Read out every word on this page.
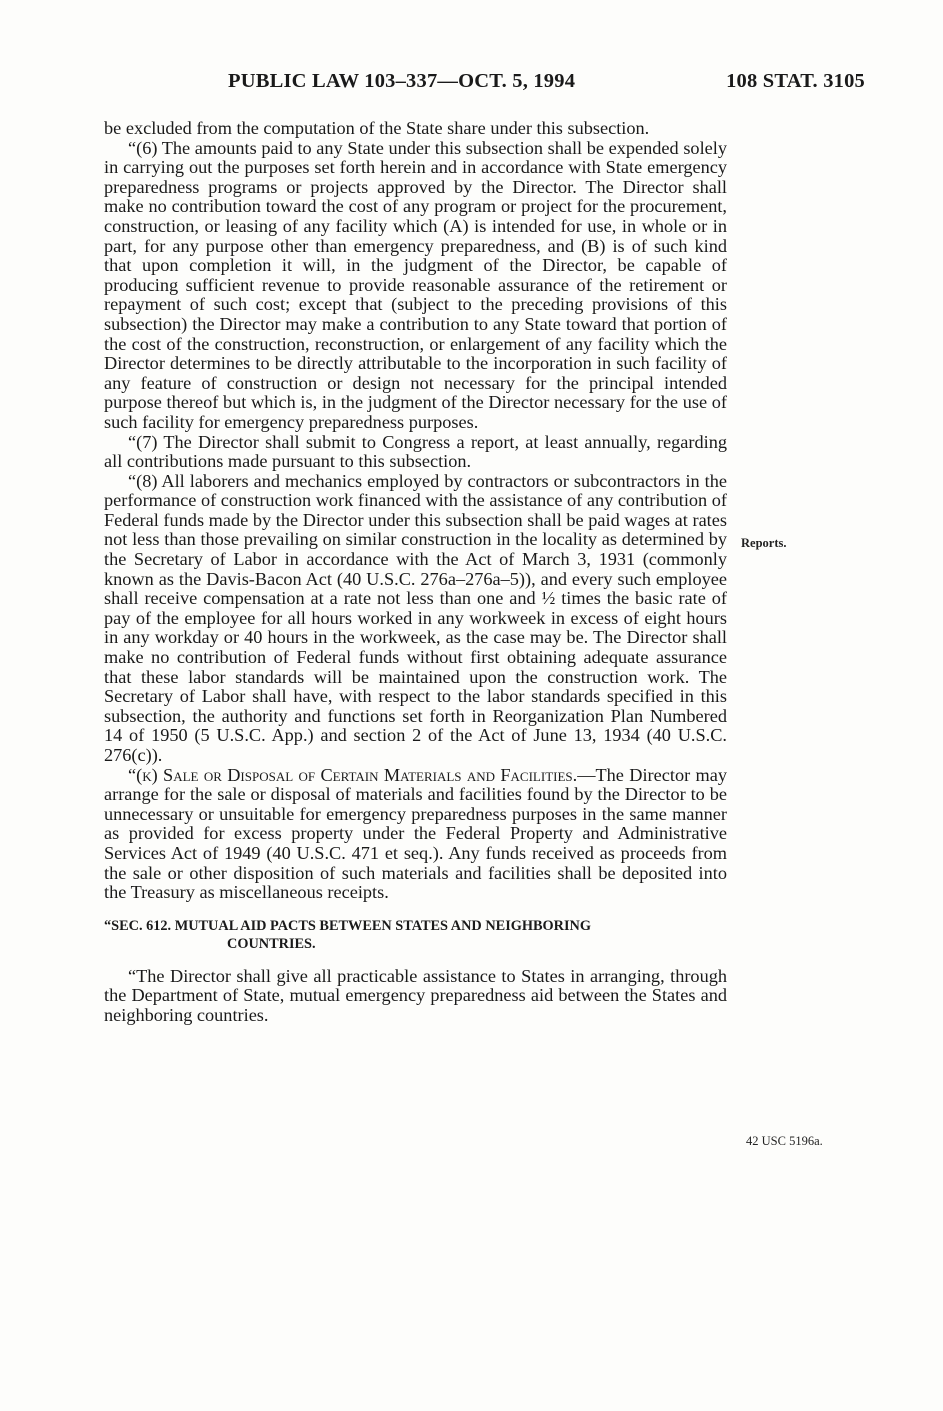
PUBLIC LAW 103–337—OCT. 5, 1994	108 STAT. 3105

be excluded from the computation of the State share under this subsection.

“(6) The amounts paid to any State under this subsection shall be expended solely in carrying out the purposes set forth herein and in accordance with State emergency preparedness programs or projects approved by the Director. The Director shall make no contribution toward the cost of any program or project for the procurement, construction, or leasing of any facility which (A) is intended for use, in whole or in part, for any purpose other than emergency preparedness, and (B) is of such kind that upon completion it will, in the judgment of the Director, be capable of producing sufficient revenue to provide reasonable assurance of the retirement or repayment of such cost; except that (subject to the preceding provisions of this subsection) the Director may make a contribution to any State toward that portion of the cost of the construction, reconstruction, or enlargement of any facility which the Director determines to be directly attributable to the incorporation in such facility of any feature of construction or design not necessary for the principal intended purpose thereof but which is, in the judgment of the Director necessary for the use of such facility for emergency preparedness purposes.

“(7) The Director shall submit to Congress a report, at least annually, regarding all contributions made pursuant to this subsection.

“(8) All laborers and mechanics employed by contractors or subcontractors in the performance of construction work financed with the assistance of any contribution of Federal funds made by the Director under this subsection shall be paid wages at rates not less than those prevailing on similar construction in the locality as determined by the Secretary of Labor in accordance with the Act of March 3, 1931 (commonly known as the Davis-Bacon Act (40 U.S.C. 276a–276a–5)), and every such employee shall receive compensation at a rate not less than one and ½ times the basic rate of pay of the employee for all hours worked in any workweek in excess of eight hours in any workday or 40 hours in the workweek, as the case may be. The Director shall make no contribution of Federal funds without first obtaining adequate assurance that these labor standards will be maintained upon the construction work. The Secretary of Labor shall have, with respect to the labor standards specified in this subsection, the authority and functions set forth in Reorganization Plan Numbered 14 of 1950 (5 U.S.C. App.) and section 2 of the Act of June 13, 1934 (40 U.S.C. 276(c)).

“(k) Sale or Disposal of Certain Materials and Facilities.—The Director may arrange for the sale or disposal of materials and facilities found by the Director to be unnecessary or unsuitable for emergency preparedness purposes in the same manner as provided for excess property under the Federal Property and Administrative Services Act of 1949 (40 U.S.C. 471 et seq.). Any funds received as proceeds from the sale or other disposition of such materials and facilities shall be deposited into the Treasury as miscellaneous receipts.

“SEC. 612. MUTUAL AID PACTS BETWEEN STATES AND NEIGHBORING
COUNTRIES.

“The Director shall give all practicable assistance to States in arranging, through the Department of State, mutual emergency preparedness aid between the States and neighboring countries.

Reports.
42 USC 5196a.
